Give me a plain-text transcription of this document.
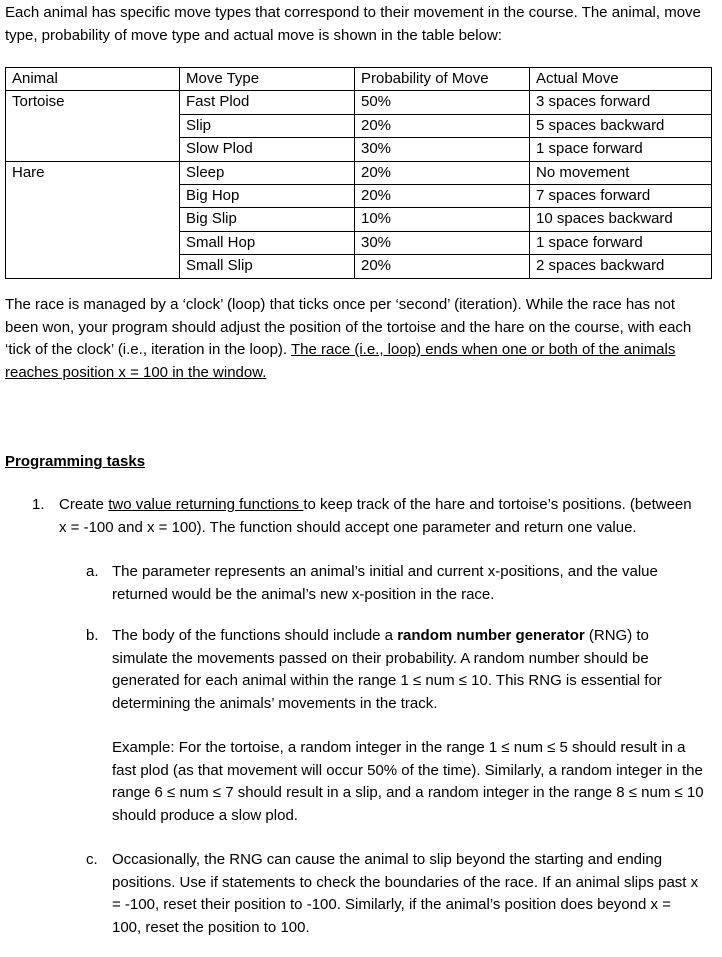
Each animal has specific move types that correspond to their movement in the course. The animal, move type, probability of move type and actual move is shown in the table below:

Animal	Move Type	Probability of Move	Actual Move
Tortoise	Fast Plod	50%	3 spaces forward
	Slip	20%	5 spaces backward
	Slow Plod	30%	1 space forward
Hare	Sleep	20%	No movement
	Big Hop	20%	7 spaces forward
	Big Slip	10%	10 spaces backward
	Small Hop	30%	1 space forward
	Small Slip	20%	2 spaces backward

The race is managed by a ‘clock’ (loop) that ticks once per ‘second’ (iteration). While the race has not been won, your program should adjust the position of the tortoise and the hare on the course, with each ‘tick of the clock’ (i.e., iteration in the loop). The race (i.e., loop) ends when one or both of the animals reaches position x = 100 in the window.

Programming tasks
1. Create two value returning functions to keep track of the hare and tortoise’s positions. (between x = -100 and x = 100). The function should accept one parameter and return one value.

a. The parameter represents an animal’s initial and current x-positions, and the value returned would be the animal’s new x-position in the race.

b. The body of the functions should include a random number generator (RNG) to simulate the movements passed on their probability. A random number should be generated for each animal within the range 1 ≤ num ≤ 10. This RNG is essential for determining the animals’ movements in the track.

Example: For the tortoise, a random integer in the range 1 ≤ num ≤ 5 should result in a fast plod (as that movement will occur 50% of the time). Similarly, a random integer in the range 6 ≤ num ≤ 7 should result in a slip, and a random integer in the range 8 ≤ num ≤ 10 should produce a slow plod.

c. Occasionally, the RNG can cause the animal to slip beyond the starting and ending positions. Use if statements to check the boundaries of the race. If an animal slips past x = -100, reset their position to -100. Similarly, if the animal’s position does beyond x = 100, reset the position to 100.
